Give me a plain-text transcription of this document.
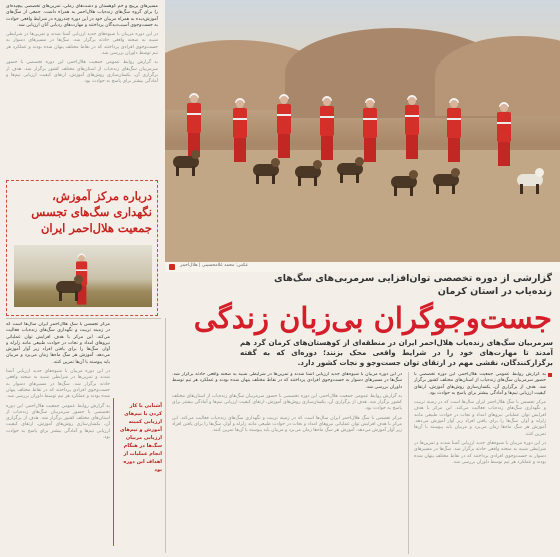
مسیرهای پرپیچ و خم کوهستان و دشت‌های رملی، تمرین‌های تخصصی پیچیده‌ای را برای گروه سگ‌های زنده‌یاب هلال‌احمر به همراه داشت. جمعی از سگ‌های آموزش‌دیده به همراه مربیان خود در این دوره چندروزه در شرایط واقعی حوادث به جست‌وجوی آسیب‌دیدگان پرداختند و مهارت‌های ردیابی آنان ارزیابی شد.

در این دوره مربیان با شیوه‌های جدید ارزیابی آشنا شدند و تمرین‌ها در شرایطی شبیه به صحنه واقعی حادثه برگزار شد. سگ‌ها در مسیرهای دشوار به جست‌وجوی افرادی پرداختند که در نقاط مختلف پنهان شده بودند و عملکرد هر تیم توسط داوران بررسی شد.

به گزارش روابط عمومی جمعیت هلال‌احمر، این دوره تخصصی با حضور سرمربیان سگ‌های زنده‌یاب از استان‌های مختلف کشور برگزار شد. هدف از برگزاری آن، یکسان‌سازی روش‌های آموزش، ارتقای کیفیت ارزیابی تیم‌ها و آمادگی بیشتر برای پاسخ به حوادث بود.

عکس: محمد غلامحسینی | هلال‌احمر
درباره مرکز آموزش، نگهداری سگ‌های تجسس جمعیت هلال‌احمر ایران
گزارشی از دوره تخصصی توان‌افزایی سرمربی‌های سگ‌های زنده‌یاب در استان کرمان
جست‌وجوگران بی‌زبان زندگی
سرمربیان سگ‌های زنده‌یاب هلال‌احمر ایران در منطقه‌ای از کوهستان‌های کرمان گرد هم آمدند تا مهارت‌های خود را در شرایط واقعی محک بزنند؛ دوره‌ای که به گفته برگزارکنندگان، نقشی مهم در ارتقای توان جست‌وجو و نجات کشور دارد.

مرکز تجسس با سگ هلال‌احمر ایران سال‌ها است که در زمینه تربیت و نگهداری سگ‌های زنده‌یاب فعالیت می‌کند. این مرکز با هدف افزایش توان عملیاتی نیروهای امداد و نجات در حوادث طبیعی مانند زلزله و آوار، سگ‌ها را برای یافتن افراد زیر آوار آموزش می‌دهد. آموزش هر سگ ماه‌ها زمان می‌برد و مربیان باید پیوسته با آن‌ها تمرین کنند.

در این دوره مربیان با شیوه‌های جدید ارزیابی آشنا شدند و تمرین‌ها در شرایطی شبیه به صحنه واقعی حادثه برگزار شد. سگ‌ها در مسیرهای دشوار به جست‌وجوی افرادی پرداختند که در نقاط مختلف پنهان شده بودند و عملکرد هر تیم توسط داوران بررسی شد.

به گزارش روابط عمومی جمعیت هلال‌احمر، این دوره تخصصی با حضور سرمربیان سگ‌های زنده‌یاب از استان‌های مختلف کشور برگزار شد. هدف از برگزاری آن، یکسان‌سازی روش‌های آموزش، ارتقای کیفیت ارزیابی تیم‌ها و آمادگی بیشتر برای پاسخ به حوادث بود.

آشنایی با کار کردن با تیم‌های ارزیابی کمیته آموزش و تیم‌های ارزیابی مربیان سگ‌ها در هنگام انجام عملیات از اهداف این دوره بود

در این دوره مربیان با شیوه‌های جدید ارزیابی آشنا شدند و تمرین‌ها در شرایطی شبیه به صحنه واقعی حادثه برگزار شد. سگ‌ها در مسیرهای دشوار به جست‌وجوی افرادی پرداختند که در نقاط مختلف پنهان شده بودند و عملکرد هر تیم توسط داوران بررسی شد.

به گزارش روابط عمومی جمعیت هلال‌احمر، این دوره تخصصی با حضور سرمربیان سگ‌های زنده‌یاب از استان‌های مختلف کشور برگزار شد. هدف از برگزاری آن، یکسان‌سازی روش‌های آموزش، ارتقای کیفیت ارزیابی تیم‌ها و آمادگی بیشتر برای پاسخ به حوادث بود.

مرکز تجسس با سگ هلال‌احمر ایران سال‌ها است که در زمینه تربیت و نگهداری سگ‌های زنده‌یاب فعالیت می‌کند. این مرکز با هدف افزایش توان عملیاتی نیروهای امداد و نجات در حوادث طبیعی مانند زلزله و آوار، سگ‌ها را برای یافتن افراد زیر آوار آموزش می‌دهد. آموزش هر سگ ماه‌ها زمان می‌برد و مربیان باید پیوسته با آن‌ها تمرین کنند.

به گزارش روابط عمومی جمعیت هلال‌احمر، این دوره تخصصی با حضور سرمربیان سگ‌های زنده‌یاب از استان‌های مختلف کشور برگزار شد. هدف از برگزاری آن، یکسان‌سازی روش‌های آموزش، ارتقای کیفیت ارزیابی تیم‌ها و آمادگی بیشتر برای پاسخ به حوادث بود.

مرکز تجسس با سگ هلال‌احمر ایران سال‌ها است که در زمینه تربیت و نگهداری سگ‌های زنده‌یاب فعالیت می‌کند. این مرکز با هدف افزایش توان عملیاتی نیروهای امداد و نجات در حوادث طبیعی مانند زلزله و آوار، سگ‌ها را برای یافتن افراد زیر آوار آموزش می‌دهد. آموزش هر سگ ماه‌ها زمان می‌برد و مربیان باید پیوسته با آن‌ها تمرین کنند.

در این دوره مربیان با شیوه‌های جدید ارزیابی آشنا شدند و تمرین‌ها در شرایطی شبیه به صحنه واقعی حادثه برگزار شد. سگ‌ها در مسیرهای دشوار به جست‌وجوی افرادی پرداختند که در نقاط مختلف پنهان شده بودند و عملکرد هر تیم توسط داوران بررسی شد.
